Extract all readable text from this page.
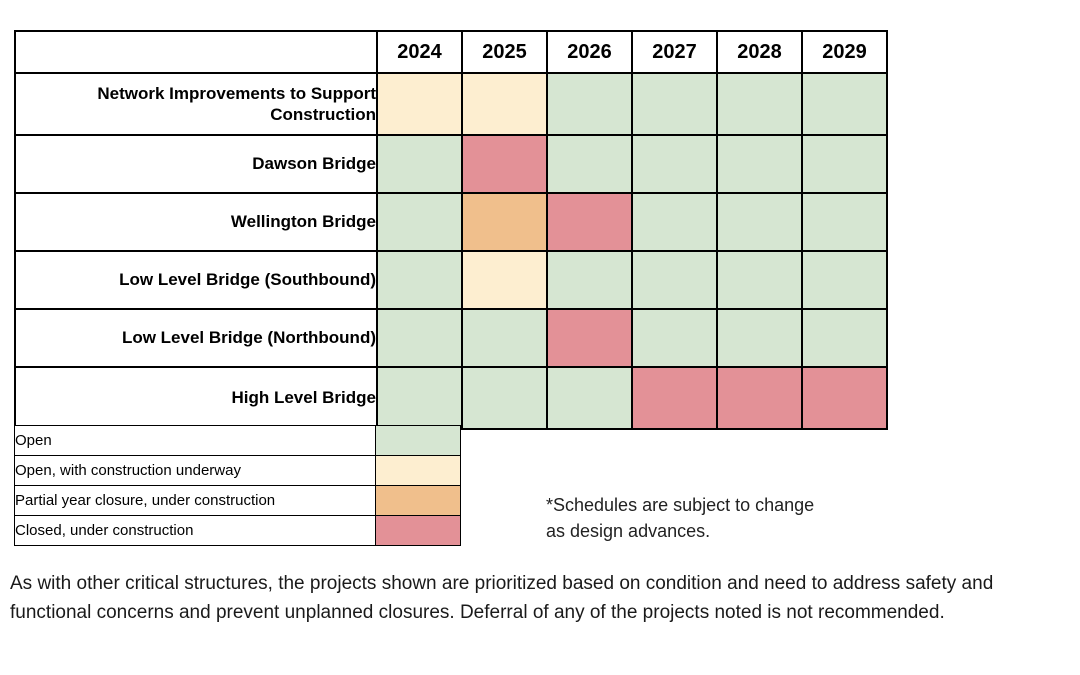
	2024	2025	2026	2027	2028	2029
Network Improvements to Support Construction						
Dawson Bridge						
Wellington Bridge						
Low Level Bridge (Southbound)						
Low Level Bridge (Northbound)						
High Level Bridge						
Open	
Open, with construction underway	
Partial year closure, under construction	
Closed, under construction	
*Schedules are subject to change
as design advances.
As with other critical structures, the projects shown are prioritized based on condition and need to address safety and functional concerns and prevent unplanned closures. Deferral of any of the projects noted is not recommended.
